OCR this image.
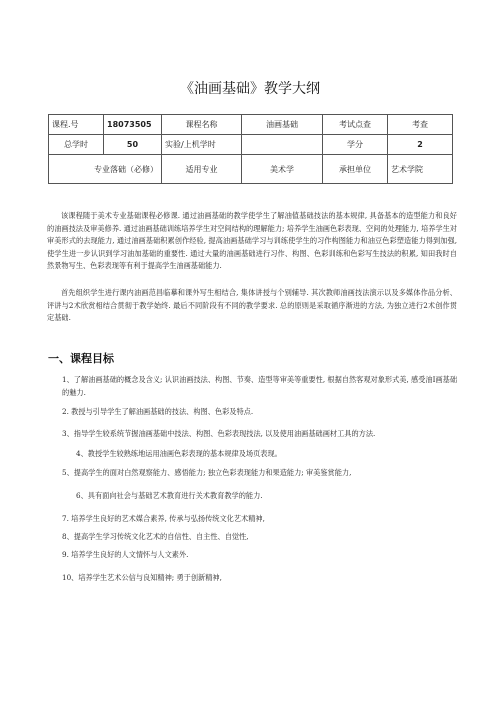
《油画基础》教学大纲
课程.号	18073505	课程名称	油画基础	考试点查	考查
总学时	50	实验/上机学时		学分	2
专业落础（必修）		适用专业	美术学	承担单位	艺术学院
该课程随于美术专业基础课程必修课. 通过油画基础的教学使学生了解油值基础技法的基本规律, 具备基本的造型能力和良好的油画技法及审美修养. 通过油画基础训练培养学生对空间结构的理解能力; 培养学生油画色彩表现、空间的处理能力, 培养学生对审美形式的去现能力, 通过油画基础积累创作经验, 提高油画基础学习与训练使学生的习作构图能力和油豆色彩塑造能力得到加强, 使学生进一步认识到学习油加基础的重要性. 通过大量的油画基础进行习作、构图、色彩训练和色彩写生技法的积累, 知田我时自然景物写生、色彩表现等有利于提高学生油画基础能力.
首先组织学生进行课内油画范昌临摹和课外写生相结合, 集体讲授与个别辅导. 其次教师油画技法演示以及多媒体作品分析、评讲与2术欣赏相结合贯彻于教学始终. 最后不同阶段有不同的教学要求. 总的原则是采取循序渐进的方法, 为独立进行2术创作贯定基础.
一、课程目标
1、了解油画基础的概念及含义; 认识油画技法、构图、节奏、造型等审美等重要性, 根据自然客观对象形式美, 感受油I画基础的魅力.
2. 教授与引导学生了解油画基础的技法、构图、色彩及特点.
3、指导学生较系统节握油画基础中技法、构图、色彩表现技法, 以及使用油画基础画材工具的方法.
4、教授学生较熟练地运用油画色彩表现的基本规律及场页表现。
5、提高学生的面对白然观察能力、感悟能力; 独立色彩表现能力和果造能力; 审美鉴赏能力,
6、具有面向社会与基础艺术教育进行关术教育教学的能力.
7. 培养学生良好的艺术媒合素养, 传承与弘扬传统文化艺术精神,
8、提高学生学习传统文化艺术的自信性、自主性、自觉性,
9. 培养学生良好的人文情怀与人文素外.
10、培养学生艺术公信与良知精神; 勇于创新精神,
